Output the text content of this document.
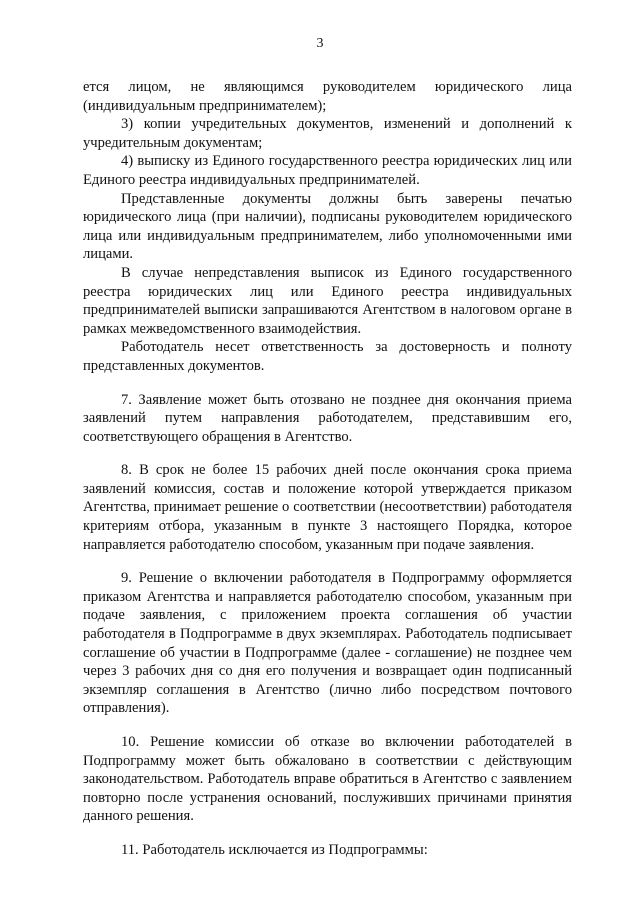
3

ется лицом, не являющимся руководителем юридического лица (индивидуальным предпринимателем);

3) копии учредительных документов, изменений и дополнений к учредительным документам;

4) выписку из Единого государственного реестра юридических лиц или Единого реестра индивидуальных предпринимателей.

Представленные документы должны быть заверены печатью юридического лица (при наличии), подписаны руководителем юридического лица или индивидуальным предпринимателем, либо уполномоченными ими лицами.

В случае непредставления выписок из Единого государственного реестра юридических лиц или Единого реестра индивидуальных предпринимателей выписки запрашиваются Агентством в налоговом органе в рамках межведомственного взаимодействия.

Работодатель несет ответственность за достоверность и полноту представленных документов.

7. Заявление может быть отозвано не позднее дня окончания приема заявлений путем направления работодателем, представившим его, соответствующего обращения в Агентство.

8. В срок не более 15 рабочих дней после окончания срока приема заявлений комиссия, состав и положение которой утверждается приказом Агентства, принимает решение о соответствии (несоответствии) работодателя критериям отбора, указанным в пункте 3 настоящего Порядка, которое направляется работодателю способом, указанным при подаче заявления.

9. Решение о включении работодателя в Подпрограмму оформляется приказом Агентства и направляется работодателю способом, указанным при подаче заявления, с приложением проекта соглашения об участии работодателя в Подпрограмме в двух экземплярах. Работодатель подписывает соглашение об участии в Подпрограмме (далее - соглашение) не позднее чем через 3 рабочих дня со дня его получения и возвращает один подписанный экземпляр соглашения в Агентство (лично либо посредством почтового отправления).

10. Решение комиссии об отказе во включении работодателей в Подпрограмму может быть обжаловано в соответствии с действующим законодательством. Работодатель вправе обратиться в Агентство с заявлением повторно после устранения оснований, послуживших причинами принятия данного решения.

11. Работодатель исключается из Подпрограммы:
